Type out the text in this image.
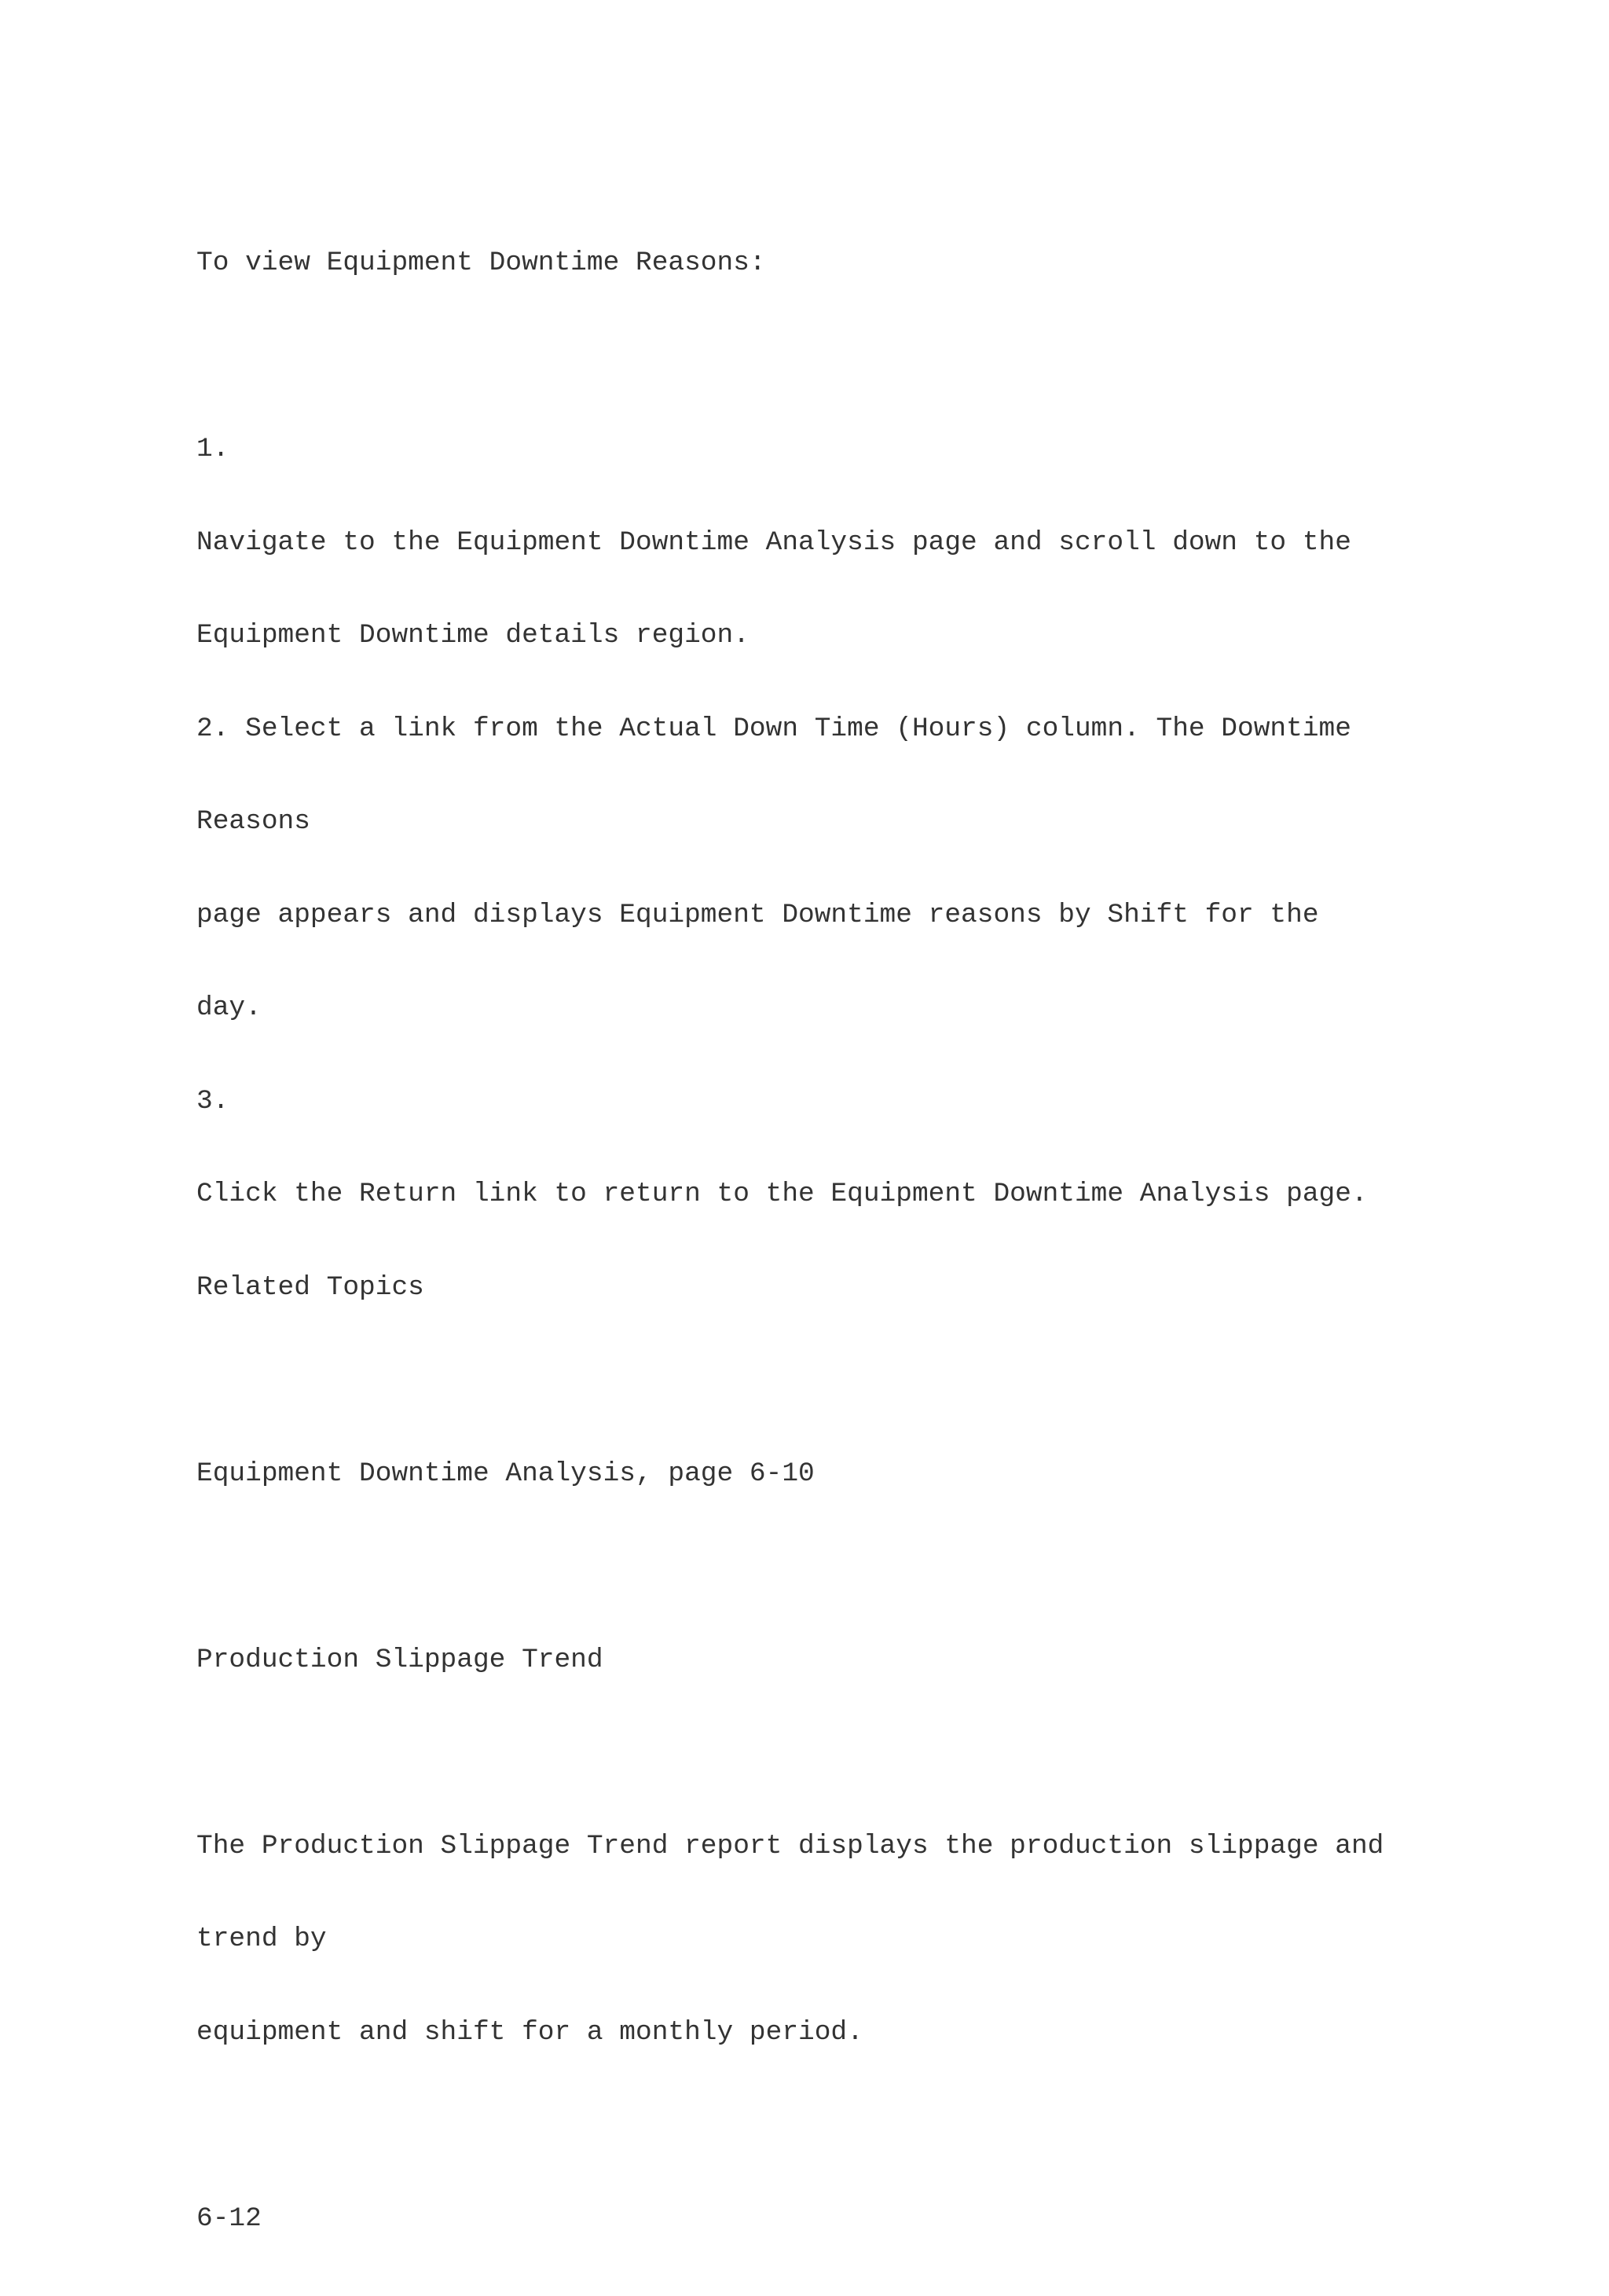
To view Equipment Downtime Reasons:

1.

Navigate to the Equipment Downtime Analysis page and scroll down to the

Equipment Downtime details region.

2. Select a link from the Actual Down Time (Hours) column. The Downtime

Reasons

page appears and displays Equipment Downtime reasons by Shift for the

day.

3.

Click the Return link to return to the Equipment Downtime Analysis page.

Related Topics

Equipment Downtime Analysis, page 6-10

Production Slippage Trend

The Production Slippage Trend report displays the production slippage and

trend by

equipment and shift for a monthly period.

6-12
